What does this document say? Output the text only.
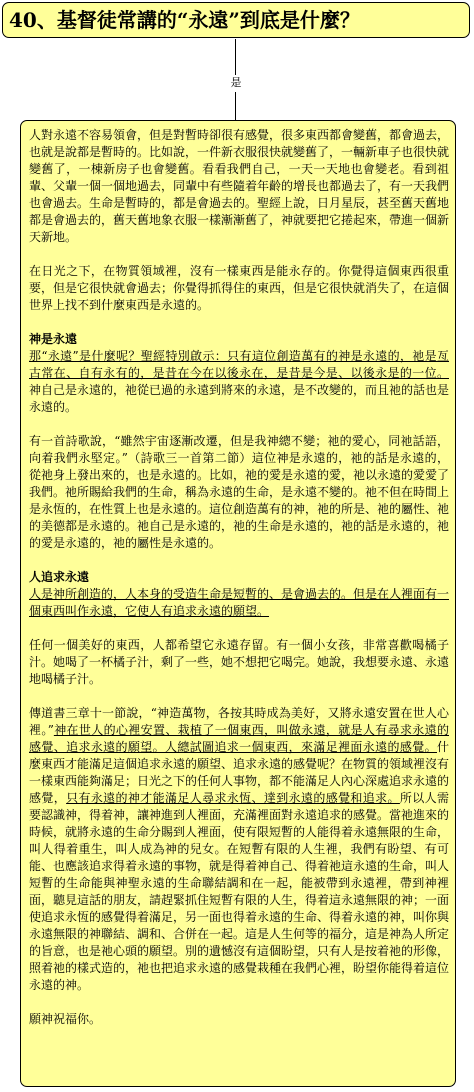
40、基督徒常講的“永遠”到底是什麼？
是

人對永遠不容易領會，但是對暫時卻很有感覺，很多東西都會變舊，都會過去，也就是說都是暫時的。比如說，一件新衣服很快就變舊了，一輛新車子也很快就變舊了，一棟新房子也會變舊。看看我們自己，一天一天地也會變老。看到祖輩、父輩一個一個地過去，同輩中有些隨着年齡的增長也都過去了，有一天我們也會過去。生命是暫時的，都是會過去的。聖經上說，日月星辰，甚至舊天舊地都是會過去的，舊天舊地象衣服一樣漸漸舊了，神就要把它捲起來，帶進一個新天新地。

在日光之下，在物質領域裡，沒有一樣東西是能永存的。你覺得這個東西很重要，但是它很快就會過去；你覺得抓得住的東西，但是它很快就消失了，在這個世界上找不到什麼東西是永遠的。

神是永遠

那“永遠”是什麼呢？聖經特別啟示：只有這位創造萬有的神是永遠的，祂是亙古常在、自有永有的，是昔在今在以後永在，是昔是今是、以後永是的一位。神自己是永遠的，祂從已過的永遠到將來的永遠，是不改變的，而且祂的話也是永遠的。

有一首詩歌說，“雖然宇宙逐漸改遷，但是我神總不變；祂的愛心，同祂話語，向着我們永堅定。”（詩歌三一首第二節）這位神是永遠的，祂的話是永遠的，從祂身上發出來的，也是永遠的。比如，祂的愛是永遠的愛，祂以永遠的愛愛了我們。祂所賜給我們的生命，稱為永遠的生命，是永遠不變的。祂不但在時間上是永恆的，在性質上也是永遠的。這位創造萬有的神，祂的所是、祂的屬性、祂的美德都是永遠的。祂自己是永遠的，祂的生命是永遠的，祂的話是永遠的，祂的愛是永遠的，祂的屬性是永遠的。

人追求永遠

人是神所創造的，人本身的受造生命是短暫的、是會過去的。但是在人裡面有一個東西叫作永遠，它使人有追求永遠的願望。

任何一個美好的東西，人都希望它永遠存留。有一個小女孩，非常喜歡喝橘子汁。她喝了一杯橘子汁，剩了一些，她不想把它喝完。她說，我想要永遠、永遠地喝橘子汁。

傳道書三章十一節說，“神造萬物，各按其時成為美好，又將永遠安置在世人心裡。”神在世人的心裡安置、栽植了一個東西，叫做永遠，就是人有尋求永遠的感覺、追求永遠的願望。人總試圖追求一個東西，來滿足裡面永遠的感覺。什麼東西才能滿足這個追求永遠的願望、追求永遠的感覺呢？在物質的領域裡沒有一樣東西能夠滿足；日光之下的任何人事物，都不能滿足人內心深處追求永遠的感覺，只有永遠的神才能滿足人尋求永恆、達到永遠的感覺和追求。所以人需要認識神，得着神，讓神進到人裡面，充滿裡面對永遠追求的感覺。當祂進來的時候，就將永遠的生命分賜到人裡面，使有限短暫的人能得着永遠無限的生命，叫人得着重生，叫人成為神的兒女。在短暫有限的人生裡，我們有盼望、有可能、也應該追求得着永遠的事物，就是得着神自己、得着祂這永遠的生命，叫人短暫的生命能與神聖永遠的生命聯結調和在一起，能被帶到永遠裡，帶到神裡面，聽見這話的朋友，請趕緊抓住短暫有限的人生，得着這永遠無限的神；一面使追求永恆的感覺得着滿足，另一面也得着永遠的生命、得着永遠的神，叫你與永遠無限的神聯結、調和、合併在一起。這是人生何等的福分，這是神為人所定的旨意，也是祂心頭的願望。別的遺憾沒有這個盼望，只有人是按着祂的形像，照着祂的樣式造的，祂也把追求永遠的感覺栽種在我們心裡，盼望你能得着這位永遠的神。

願神祝福你。
